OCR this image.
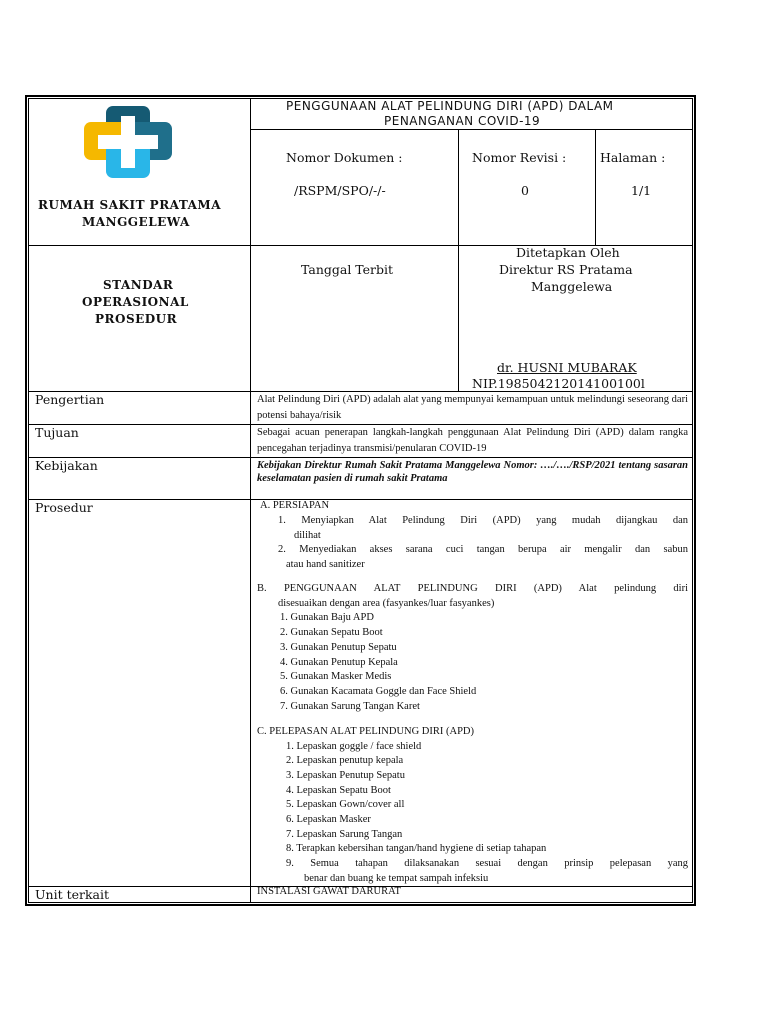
RUMAH SAKIT PRATAMA
MANGGELEWA
PENGGUNAAN ALAT PELINDUNG DIRI (APD) DALAM
PENANGANAN COVID-19
Nomor Dokumen :
/RSPM/SPO/-/-
Nomor Revisi :
0
Halaman :
1/1
STANDAR
OPERASIONAL
PROSEDUR
Tanggal Terbit
Ditetapkan Oleh
Direktur RS Pratama
Manggelewa
dr. HUSNI MUBARAK
NIP.198504212014100100l
Pengertian	Alat Pelindung Diri (APD) adalah alat yang mempunyai kemampuan untuk melindungi seseorang dari potensi bahaya/risik
Tujuan	Sebagai acuan penerapan langkah-langkah penggunaan Alat Pelindung Diri (APD) dalam rangka pencegahan terjadinya transmisi/penularan COVID-19
Kebijakan	Kebijakan Direktur Rumah Sakit Pratama Manggelewa Nomor: …./…./RSP/2021 tentang sasaran keselamatan pasien di rumah sakit Pratama
Prosedur	A. PERSIAPAN
1. Menyiapkan Alat Pelindung Diri (APD) yang mudah dijangkau dan
dilihat
2. Menyediakan akses sarana cuci tangan berupa air mengalir dan sabun
atau hand sanitizer
B. PENGGUNAAN ALAT PELINDUNG DIRI (APD) Alat pelindung diri
disesuaikan dengan area (fasyankes/luar fasyankes)
1. Gunakan Baju APD
2. Gunakan Sepatu Boot
3. Gunakan Penutup Sepatu
4. Gunakan Penutup Kepala
5. Gunakan Masker Medis
6. Gunakan Kacamata Goggle dan Face Shield
7. Gunakan Sarung Tangan Karet
C. PELEPASAN ALAT PELINDUNG DIRI (APD)
1. Lepaskan goggle / face shield
2. Lepaskan penutup kepala
3. Lepaskan Penutup Sepatu
4. Lepaskan Sepatu Boot
5. Lepaskan Gown/cover all
6. Lepaskan Masker
7. Lepaskan Sarung Tangan
8. Terapkan kebersihan tangan/hand hygiene di setiap tahapan
9. Semua tahapan dilaksanakan sesuai dengan prinsip pelepasan yang
benar dan buang ke tempat sampah infeksiu
Unit terkait	INSTALASI GAWAT DARURAT
